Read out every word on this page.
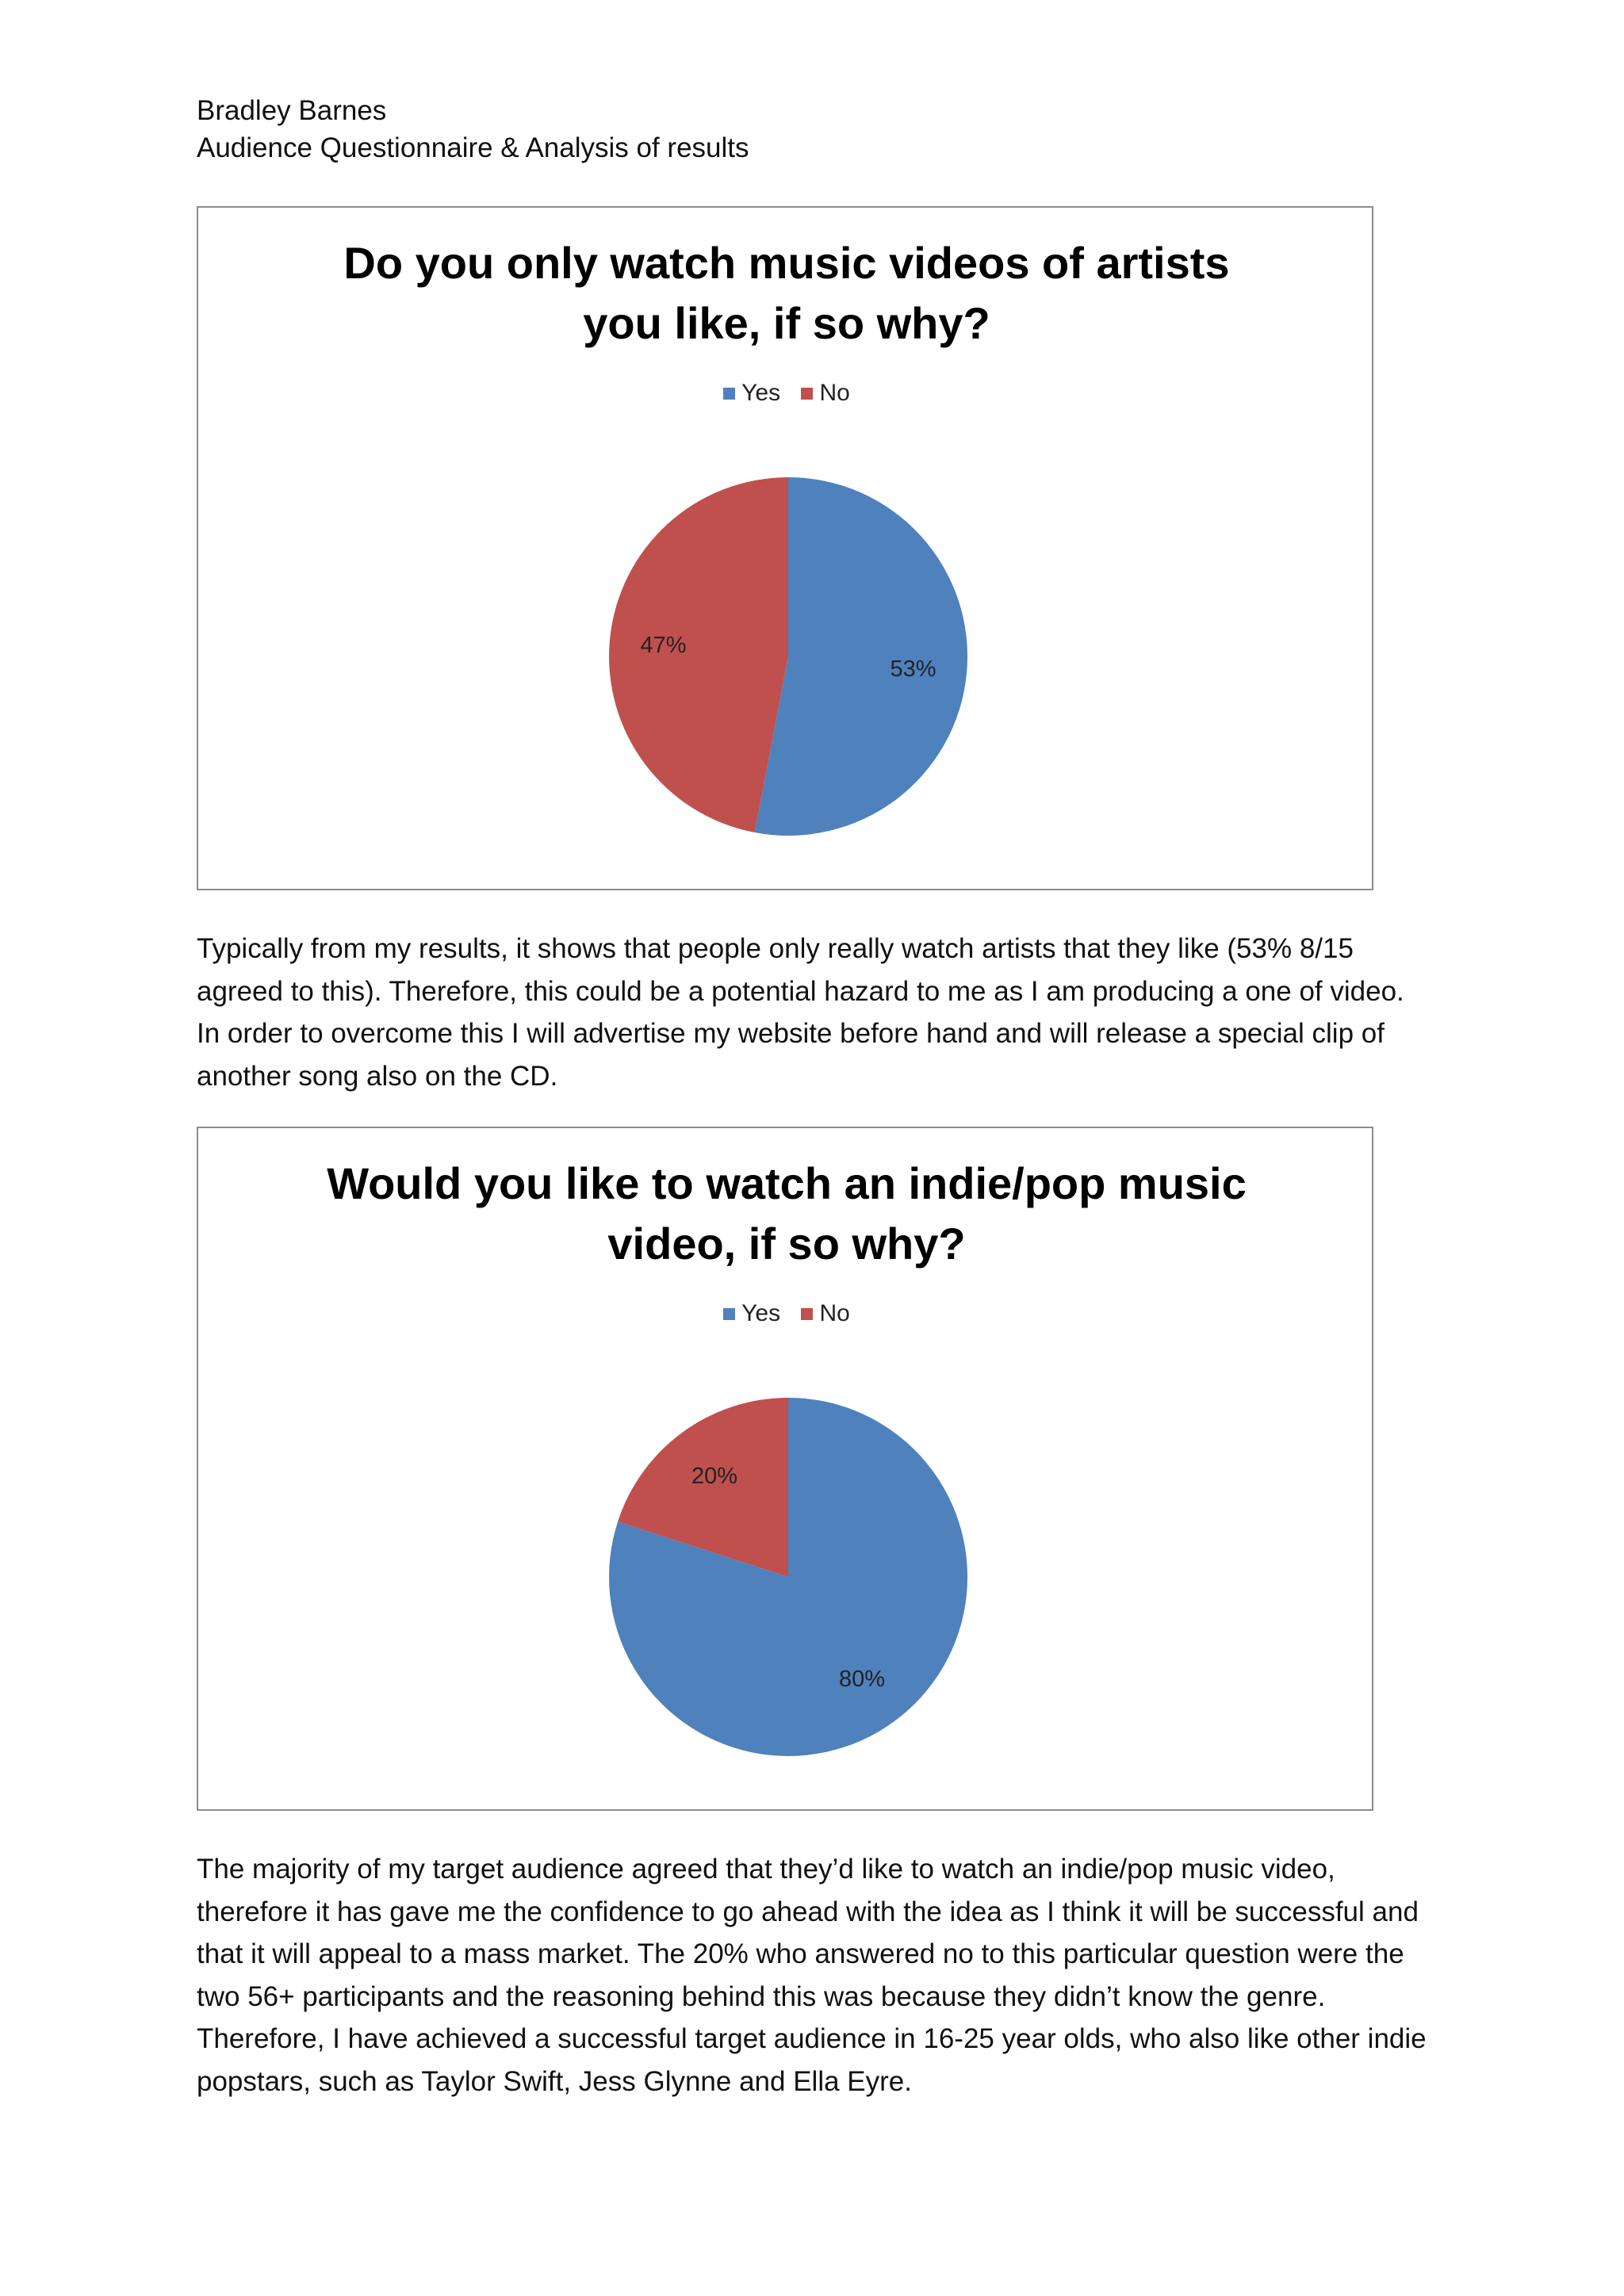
Bradley Barnes
Audience Questionnaire & Analysis of results
Do you only watch music videos of artists
you like, if so why?
Yes No
53%
47%
Typically from my results, it shows that people only really watch artists that they like (53% 8/15 agreed to this). Therefore, this could be a potential hazard to me as I am producing a one of video. In order to overcome this I will advertise my website before hand and will release a special clip of another song also on the CD.
Would you like to watch an indie/pop music
video, if so why?
Yes No
80%
20%
The majority of my target audience agreed that they’d like to watch an indie/pop music video, therefore it has gave me the confidence to go ahead with the idea as I think it will be successful and that it will appeal to a mass market. The 20% who answered no to this particular question were the two 56+ participants and the reasoning behind this was because they didn’t know the genre. Therefore, I have achieved a successful target audience in 16-25 year olds, who also like other indie popstars, such as Taylor Swift, Jess Glynne and Ella Eyre.
